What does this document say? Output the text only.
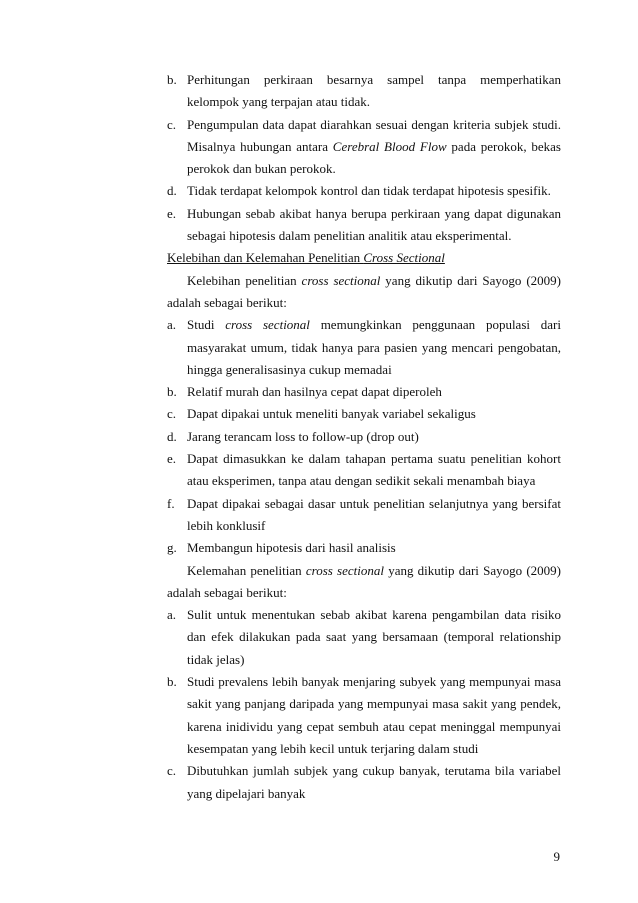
b. Perhitungan perkiraan besarnya sampel tanpa memperhatikan kelompok yang terpajan atau tidak.
c. Pengumpulan data dapat diarahkan sesuai dengan kriteria subjek studi. Misalnya hubungan antara Cerebral Blood Flow pada perokok, bekas perokok dan bukan perokok.
d. Tidak terdapat kelompok kontrol dan tidak terdapat hipotesis spesifik.
e. Hubungan sebab akibat hanya berupa perkiraan yang dapat digunakan sebagai hipotesis dalam penelitian analitik atau eksperimental.
Kelebihan dan Kelemahan Penelitian Cross Sectional
Kelebihan penelitian cross sectional yang dikutip dari Sayogo (2009) adalah sebagai berikut:
a. Studi cross sectional memungkinkan penggunaan populasi dari masyarakat umum, tidak hanya para pasien yang mencari pengobatan, hingga generalisasinya cukup memadai
b. Relatif murah dan hasilnya cepat dapat diperoleh
c. Dapat dipakai untuk meneliti banyak variabel sekaligus
d. Jarang terancam loss to follow-up (drop out)
e. Dapat dimasukkan ke dalam tahapan pertama suatu penelitian kohort atau eksperimen, tanpa atau dengan sedikit sekali menambah biaya
f. Dapat dipakai sebagai dasar untuk penelitian selanjutnya yang bersifat lebih konklusif
g. Membangun hipotesis dari hasil analisis
Kelemahan penelitian cross sectional yang dikutip dari Sayogo (2009) adalah sebagai berikut:
a. Sulit untuk menentukan sebab akibat karena pengambilan data risiko dan efek dilakukan pada saat yang bersamaan (temporal relationship tidak jelas)
b. Studi prevalens lebih banyak menjaring subyek yang mempunyai masa sakit yang panjang daripada yang mempunyai masa sakit yang pendek, karena inidividu yang cepat sembuh atau cepat meninggal mempunyai kesempatan yang lebih kecil untuk terjaring dalam studi
c. Dibutuhkan jumlah subjek yang cukup banyak, terutama bila variabel yang dipelajari banyak
9
